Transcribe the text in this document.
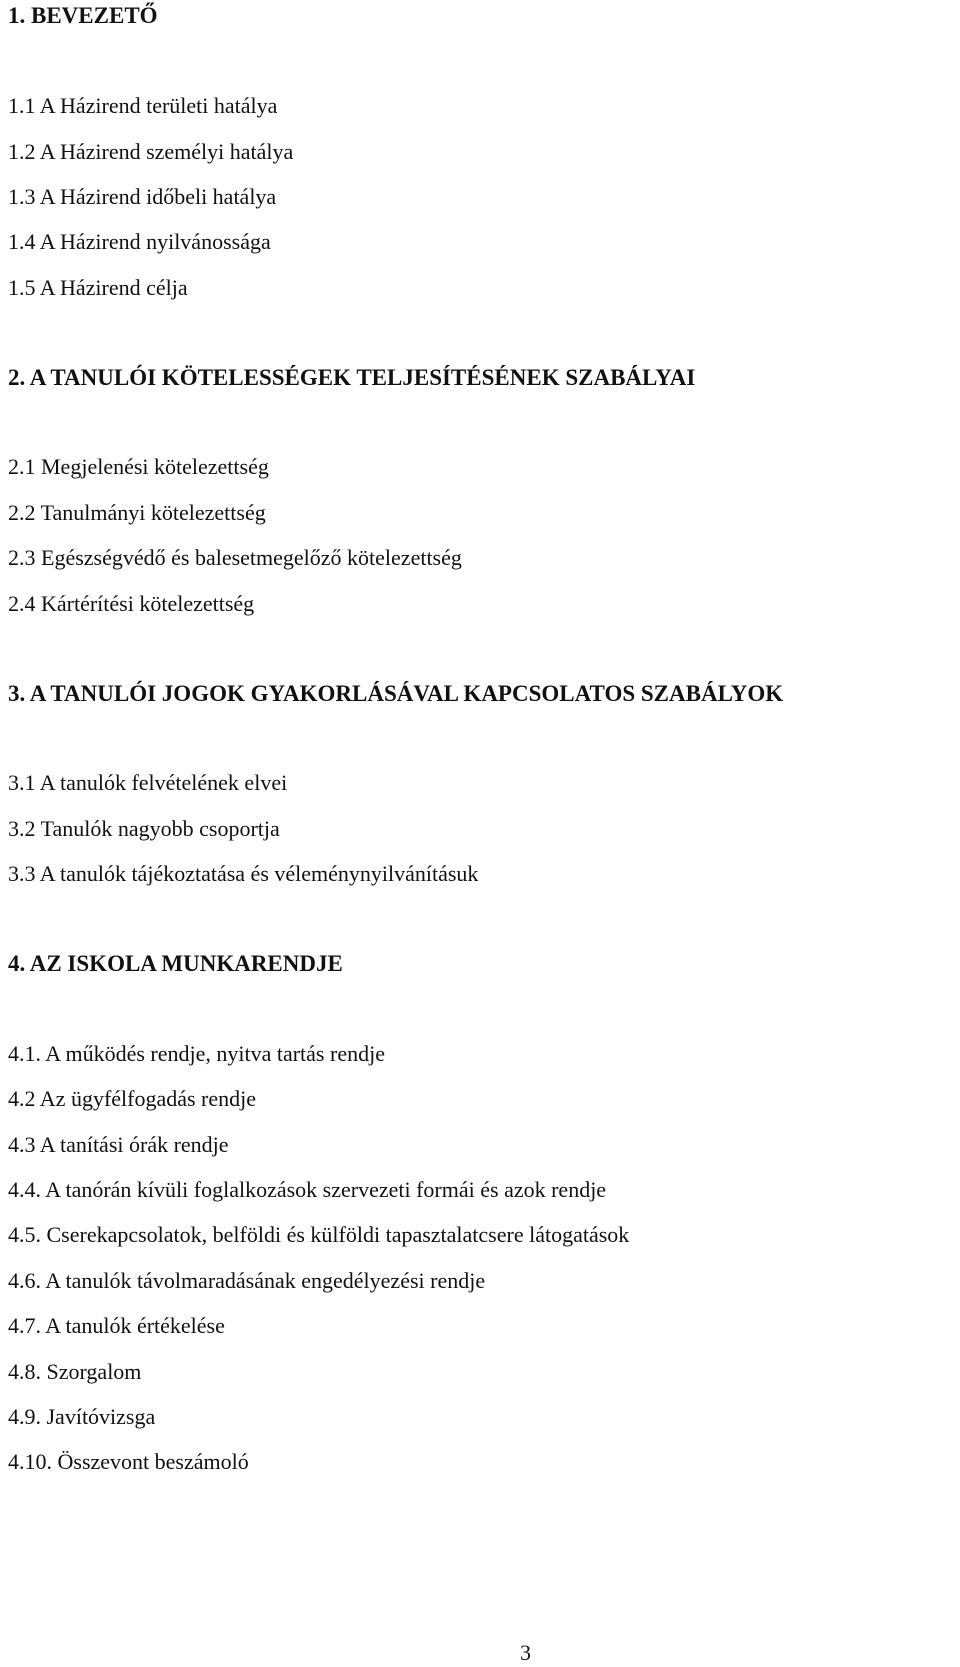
1. BEVEZETŐ
1.1 A Házirend területi hatálya
1.2 A Házirend személyi hatálya
1.3 A Házirend időbeli hatálya
1.4 A Házirend nyilvánossága
1.5 A Házirend célja
2. A TANULÓI KÖTELESSÉGEK TELJESÍTÉSÉNEK SZABÁLYAI
2.1 Megjelenési kötelezettség
2.2 Tanulmányi kötelezettség
2.3 Egészségvédő és balesetmegelőző kötelezettség
2.4 Kártérítési kötelezettség
3. A TANULÓI JOGOK GYAKORLÁSÁVAL KAPCSOLATOS SZABÁLYOK
3.1 A tanulók felvételének elvei
3.2 Tanulók nagyobb csoportja
3.3 A tanulók tájékoztatása és véleménynyilvánításuk
4. AZ ISKOLA MUNKARENDJE
4.1. A működés rendje, nyitva tartás rendje
4.2 Az ügyfélfogadás rendje
4.3 A tanítási órák rendje
4.4. A tanórán kívüli foglalkozások szervezeti formái és azok rendje
4.5. Cserekapcsolatok, belföldi és külföldi tapasztalatcsere látogatások
4.6. A tanulók távolmaradásának engedélyezési rendje
4.7. A tanulók értékelése
4.8. Szorgalom
4.9. Javítóvizsga
4.10. Összevont beszámoló
3
